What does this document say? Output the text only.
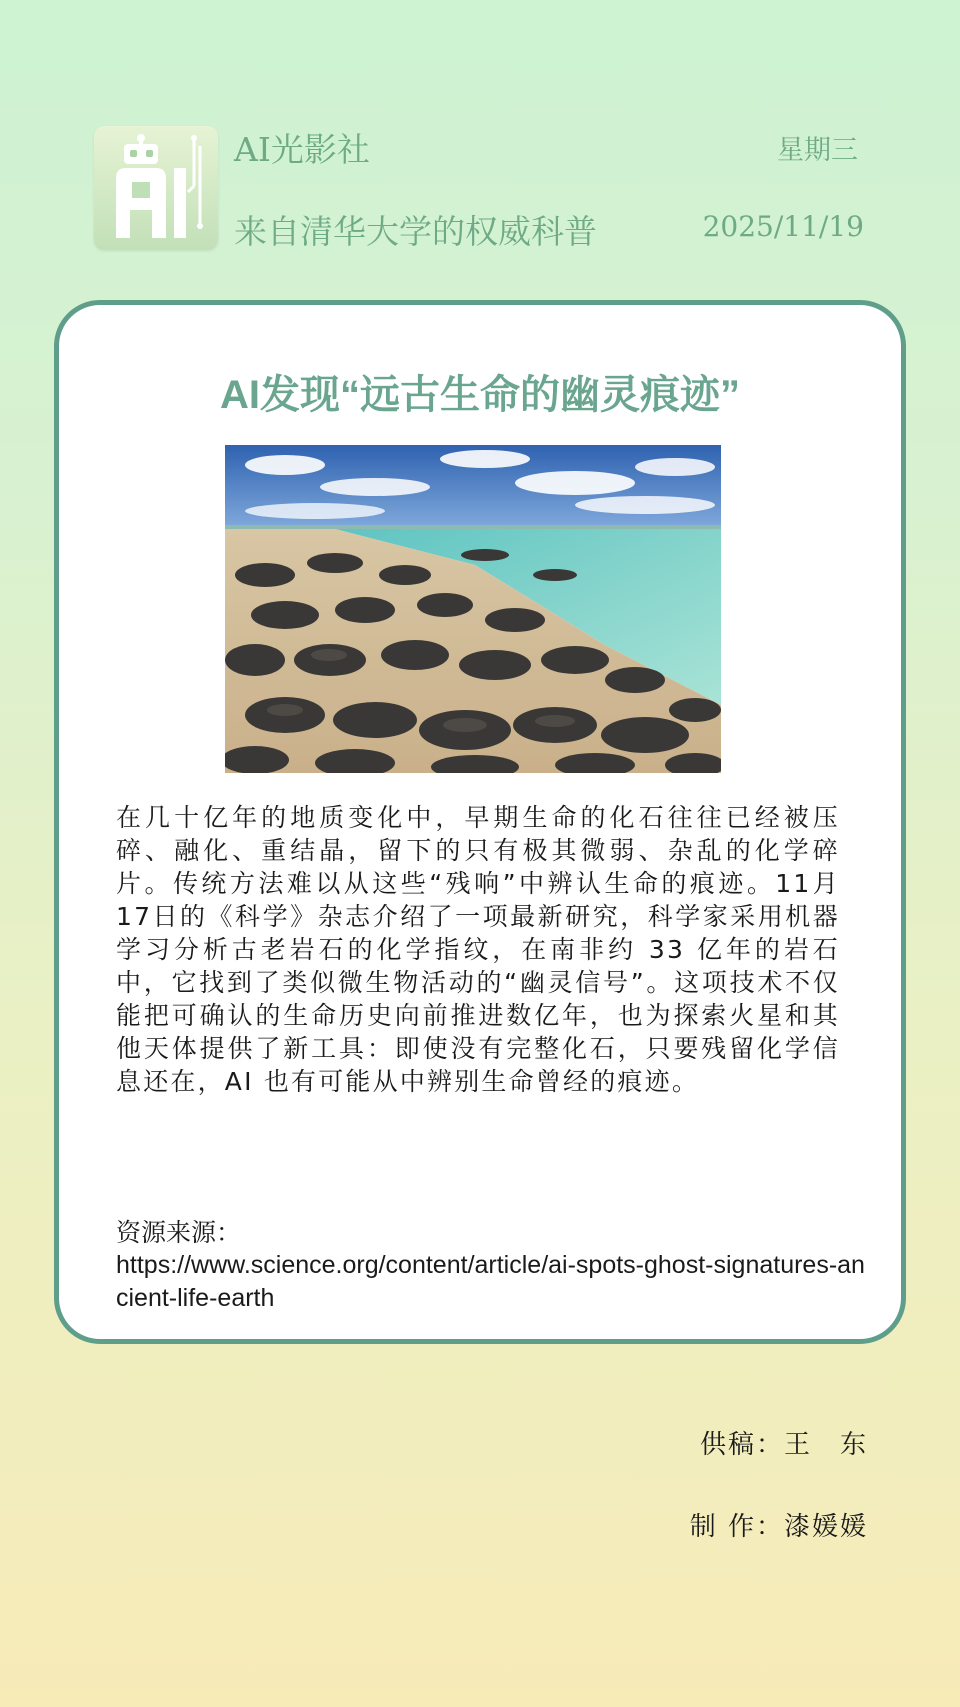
AI光影社
来自清华大学的权威科普
星期三
2025/11/19
AI发现“远古生命的幽灵痕迹”
在几十亿年的地质变化中，早期生命的化石往往已经被压碎、融化、重结晶，留下的只有极其微弱、杂乱的化学碎片。传统方法难以从这些“残响”中辨认生命的痕迹。11月17日的《科学》杂志介绍了一项最新研究，科学家采用机器学习分析古老岩石的化学指纹，在南非约 33 亿年的岩石中，它找到了类似微生物活动的“幽灵信号”。这项技术不仅能把可确认的生命历史向前推进数亿年，也为探索火星和其他天体提供了新工具：即使没有完整化石，只要残留化学信息还在，AI 也有可能从中辨别生命曾经的痕迹。
资源来源：
https://www.science.org/content/article/ai-spots-ghost-signatures-ancient-life-earth
供稿：王　东
制 作：漆媛媛
